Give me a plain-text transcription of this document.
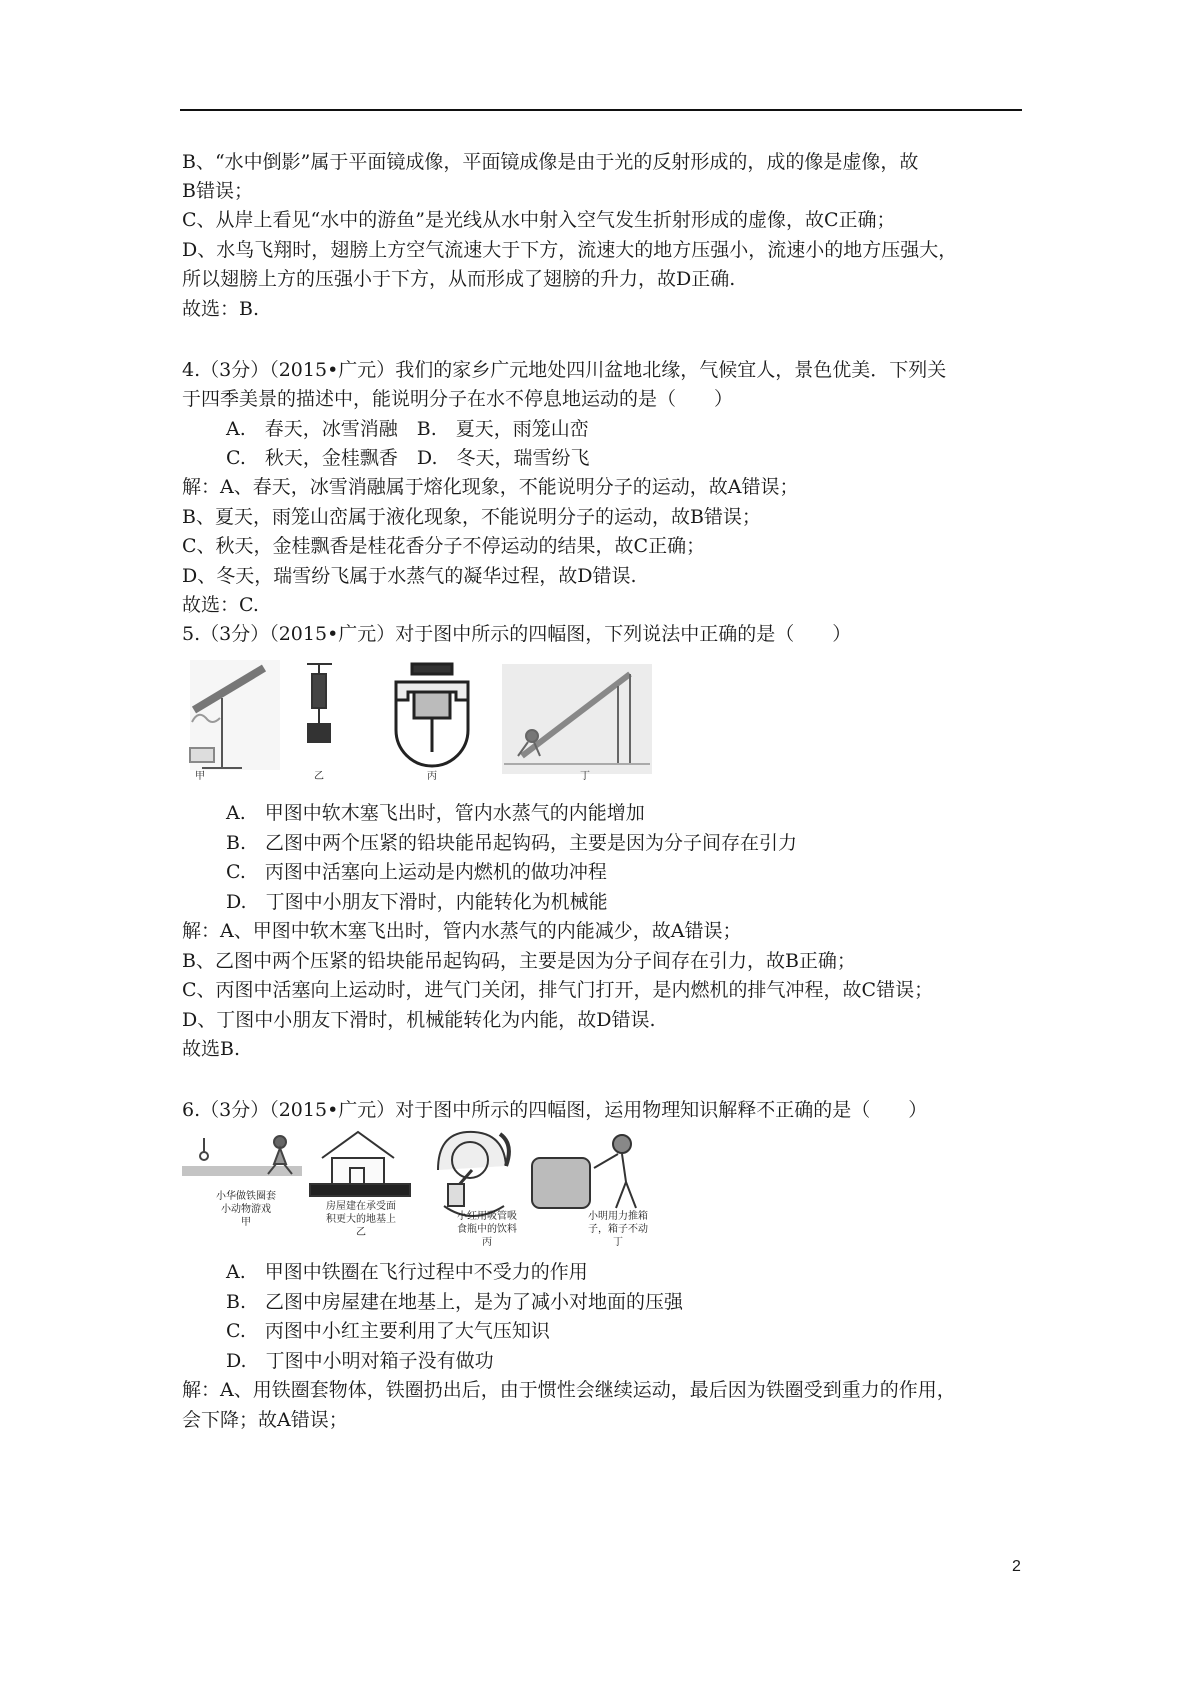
B、“水中倒影”属于平面镜成像，平面镜成像是由于光的反射形成的，成的像是虚像，故
B错误；
C、从岸上看见“水中的游鱼”是光线从水中射入空气发生折射形成的虚像，故C正确；
D、水鸟飞翔时，翅膀上方空气流速大于下方，流速大的地方压强小，流速小的地方压强大，
所以翅膀上方的压强小于下方，从而形成了翅膀的升力，故D正确.
故选：B.
4.（3分）（2015•广元）我们的家乡广元地处四川盆地北缘，气候宜人，景色优美．下列关
于四季美景的描述中，能说明分子在水不停息地运动的是（　　）
A.　春天，冰雪消融　B.　夏天，雨笼山峦
C.　秋天，金桂飘香　D.　冬天，瑞雪纷飞
解：A、春天，冰雪消融属于熔化现象，不能说明分子的运动，故A错误；
B、夏天，雨笼山峦属于液化现象，不能说明分子的运动，故B错误；
C、秋天，金桂飘香是桂花香分子不停运动的结果，故C正确；
D、冬天，瑞雪纷飞属于水蒸气的凝华过程，故D错误.
故选：C.
5.（3分）（2015•广元）对于图中所示的四幅图，下列说法中正确的是（　　）
甲	乙	丙	丁
A.　甲图中软木塞飞出时，管内水蒸气的内能增加
B.　乙图中两个压紧的铅块能吊起钩码，主要是因为分子间存在引力
C.　丙图中活塞向上运动是内燃机的做功冲程
D.　丁图中小朋友下滑时，内能转化为机械能
解：A、甲图中软木塞飞出时，管内水蒸气的内能减少，故A错误；
B、乙图中两个压紧的铅块能吊起钩码，主要是因为分子间存在引力，故B正确；
C、丙图中活塞向上运动时，进气门关闭，排气门打开，是内燃机的排气冲程，故C错误；
D、丁图中小朋友下滑时，机械能转化为内能，故D错误.
故选B.
6.（3分）（2015•广元）对于图中所示的四幅图，运用物理知识解释不正确的是（　　）
小华做铁圈套
小动物游戏
甲
房屋建在承受面
积更大的地基上
乙
小红用吸管吸
食瓶中的饮料
丙
小明用力推箱
子，箱子不动
丁
A.　甲图中铁圈在飞行过程中不受力的作用
B.　乙图中房屋建在地基上，是为了减小对地面的压强
C.　丙图中小红主要利用了大气压知识
D.　丁图中小明对箱子没有做功
解：A、用铁圈套物体，铁圈扔出后，由于惯性会继续运动，最后因为铁圈受到重力的作用，
会下降；故A错误；
2
